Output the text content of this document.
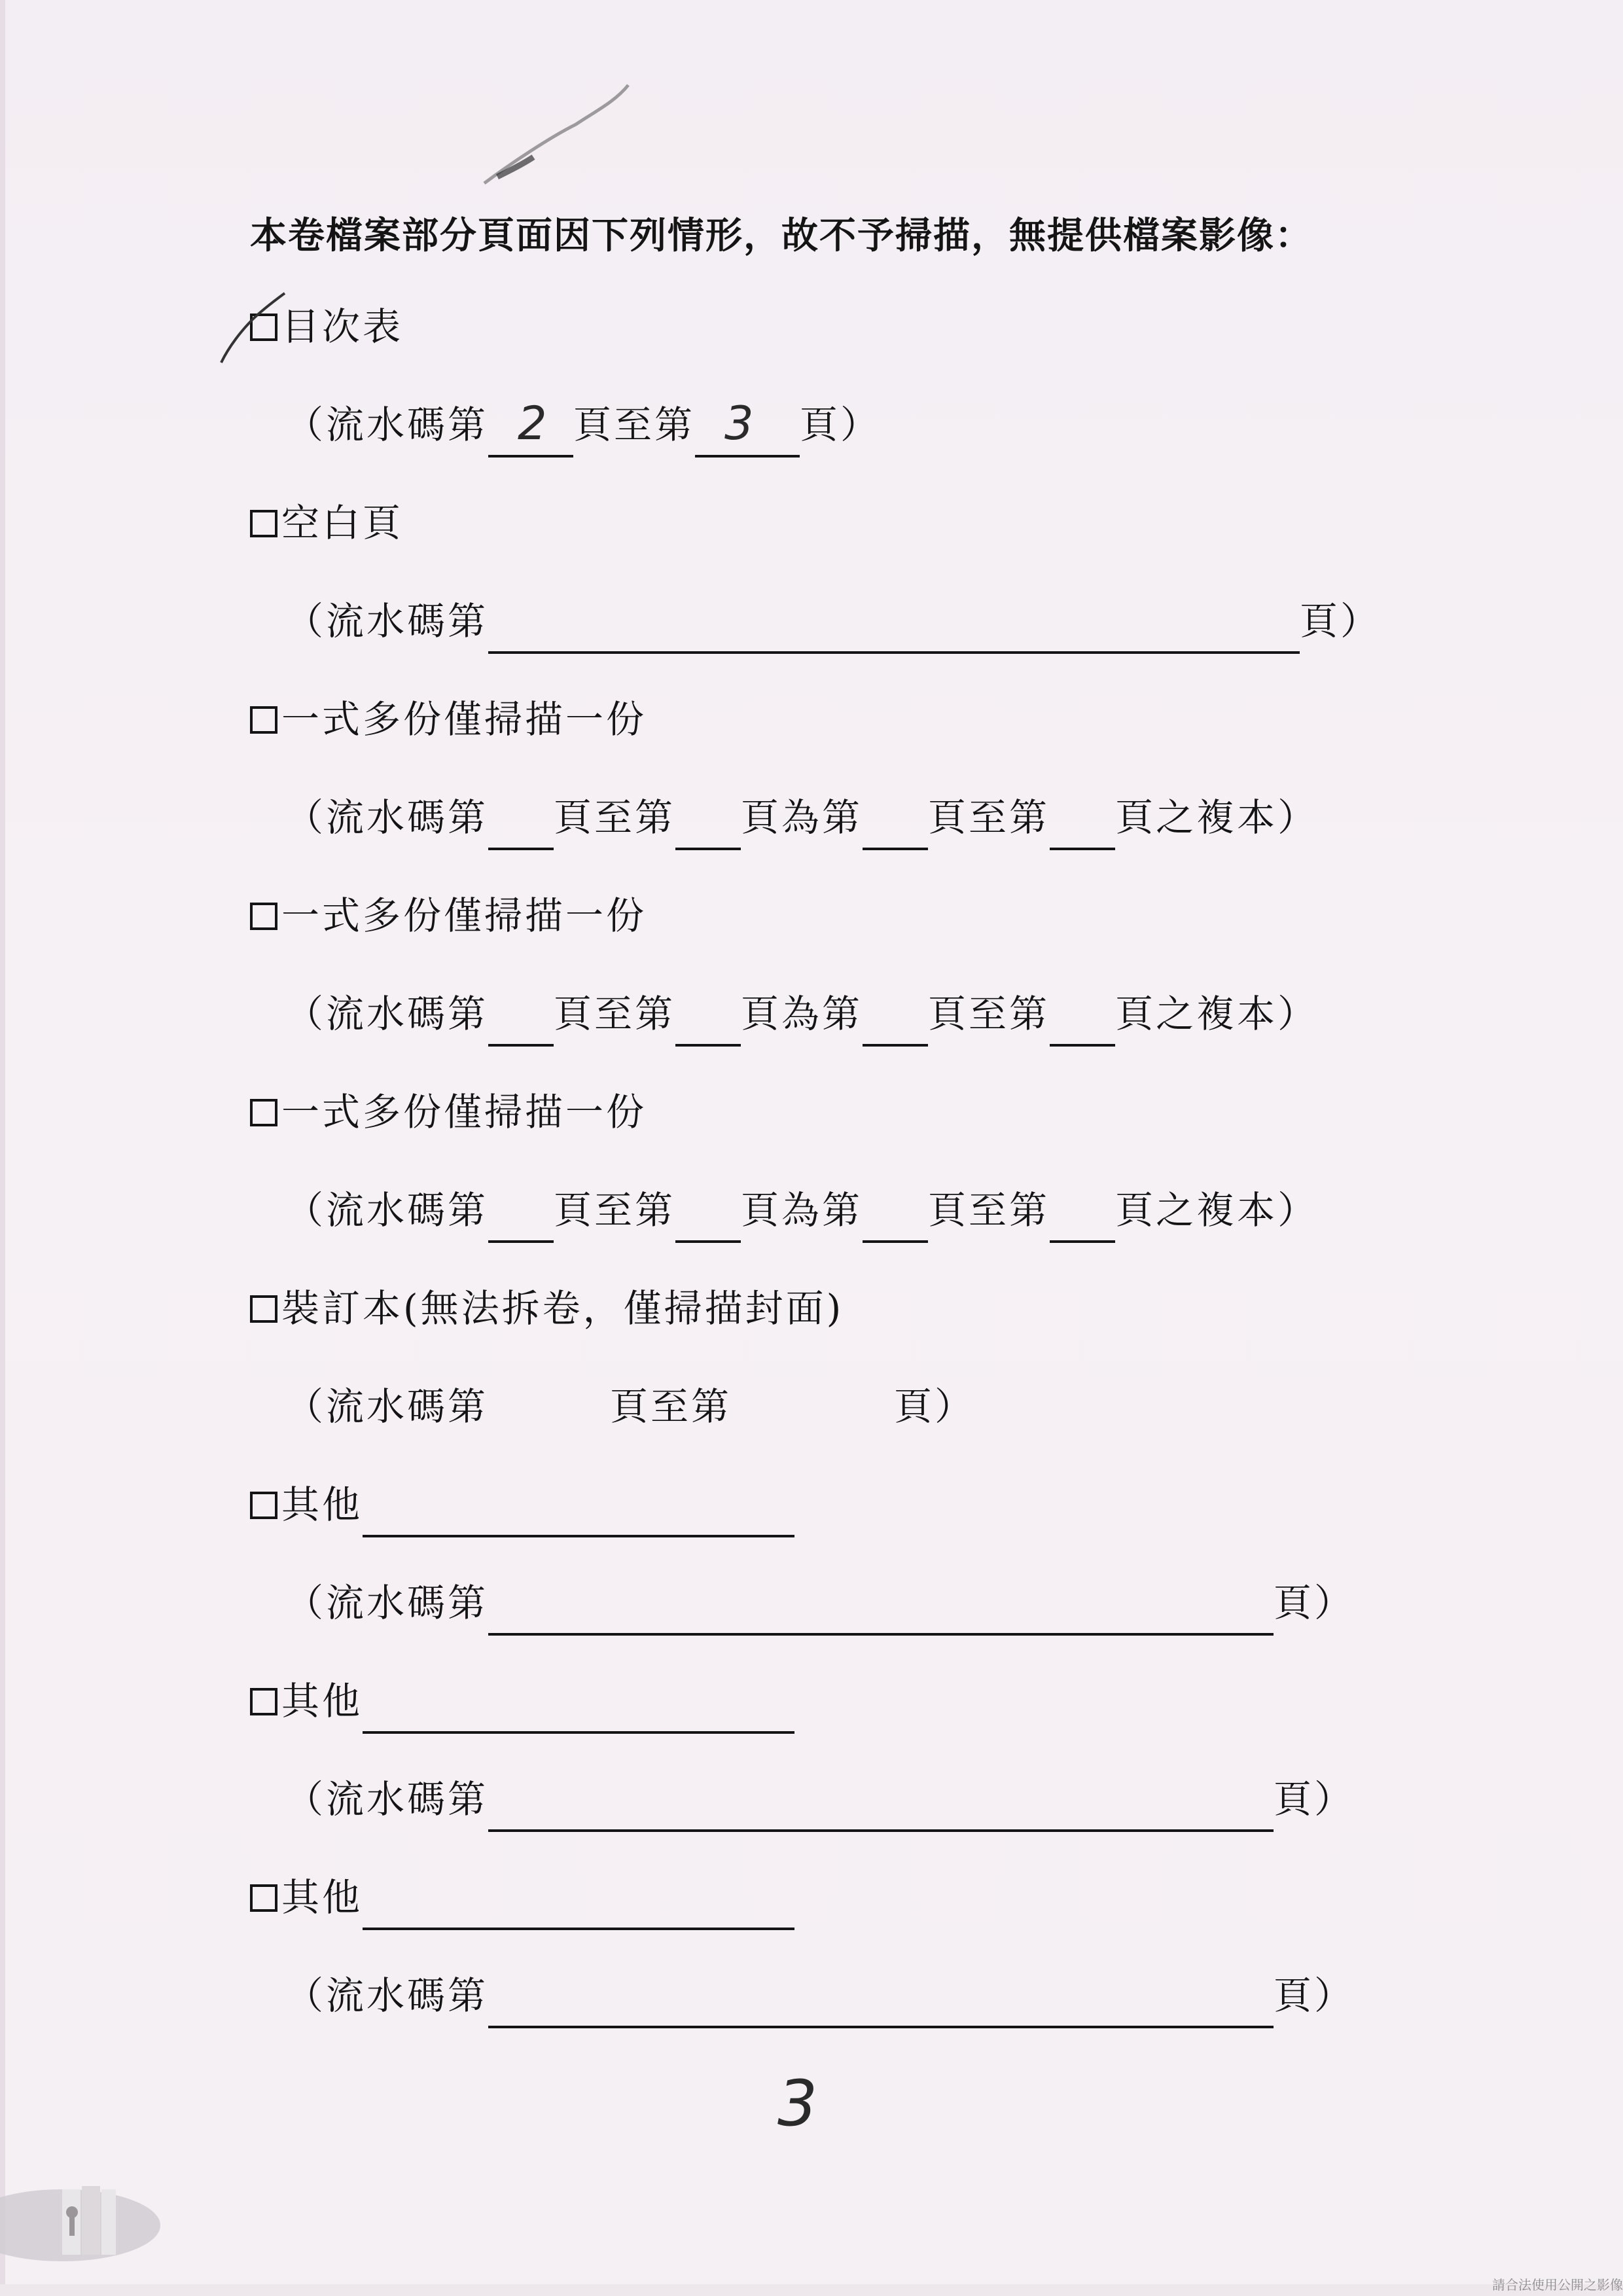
本卷檔案部分頁面因下列情形，故不予掃描，無提供檔案影像：
目次表
（流水碼第 2 頁至第 3 頁）
空白頁
（流水碼第	頁）
一式多份僅掃描一份
（流水碼第 頁至第 頁為第 頁至第 頁之複本）
一式多份僅掃描一份
（流水碼第 頁至第 頁為第 頁至第 頁之複本）
一式多份僅掃描一份
（流水碼第 頁至第 頁為第 頁至第 頁之複本）
裝訂本(無法拆卷，僅掃描封面)
（流水碼第　　　頁至第　　　　頁）
其他
（流水碼第	頁）
其他
（流水碼第	頁）
其他
（流水碼第	頁）
3
請合法使用公開之影像
